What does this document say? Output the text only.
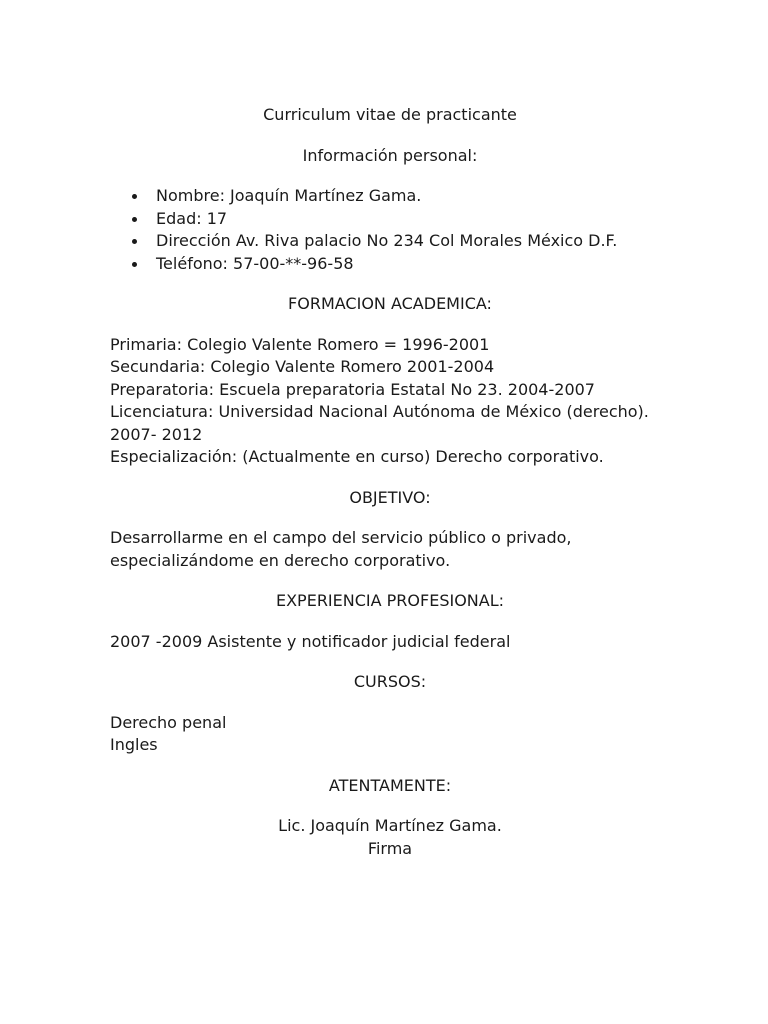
Curriculum vitae de practicante

Información personal:

Nombre: Joaquín Martínez Gama.
Edad: 17
Dirección Av. Riva palacio No 234 Col Morales México D.F.
Teléfono: 57-00-**-96-58

FORMACION ACADEMICA:

Primaria: Colegio Valente Romero = 1996-2001
Secundaria: Colegio Valente Romero 2001-2004
Preparatoria: Escuela preparatoria Estatal No 23. 2004-2007
Licenciatura: Universidad Nacional Autónoma de México (derecho).
2007- 2012
Especialización: (Actualmente en curso) Derecho corporativo.

OBJETIVO:

Desarrollarme en el campo del servicio público o privado,
especializándome en derecho corporativo.

EXPERIENCIA PROFESIONAL:

2007 -2009 Asistente y notificador judicial federal

CURSOS:

Derecho penal
Ingles

ATENTAMENTE:

Lic. Joaquín Martínez Gama.

Firma
